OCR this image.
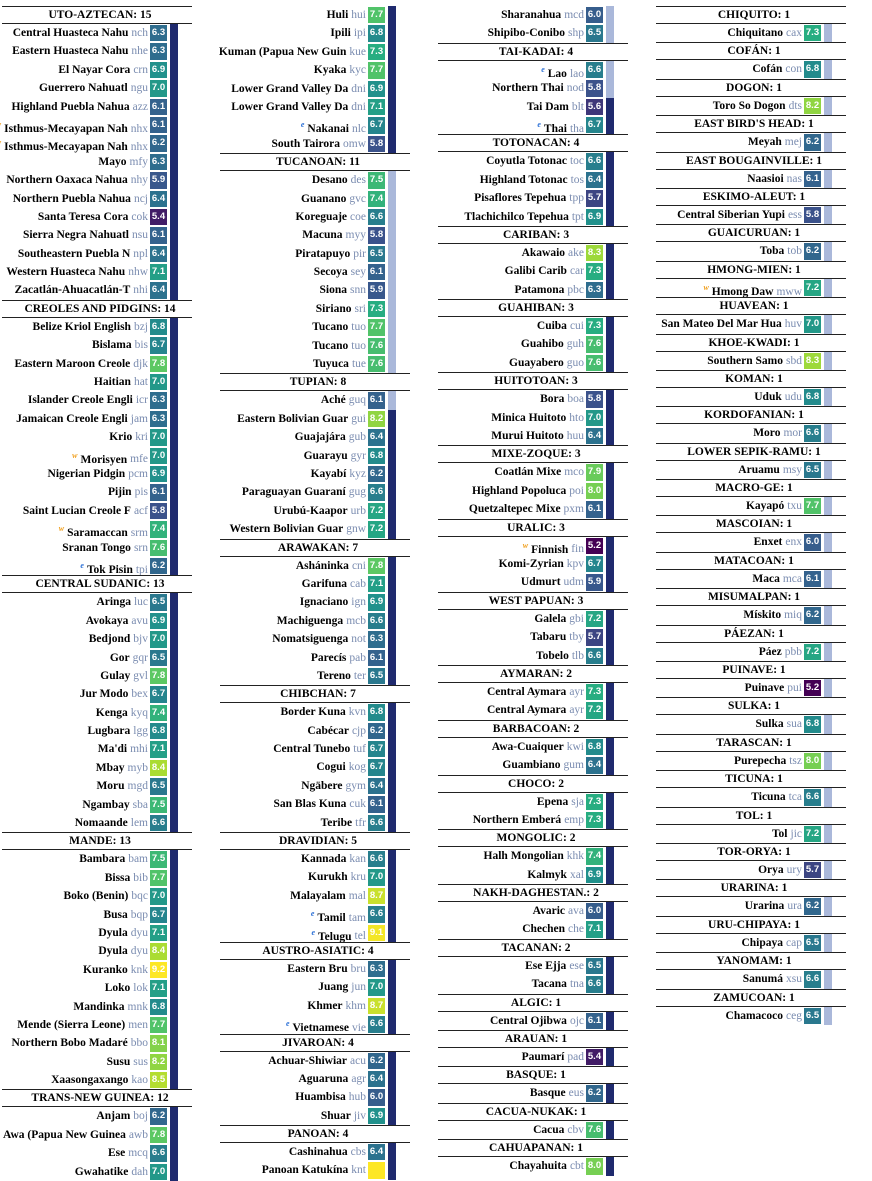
UTO-AZTECAN: 15
Central Huasteca Nahu nch 6.3
Eastern Huasteca Nahu nhe 6.3
El Nayar Cora crn 6.9
Guerrero Nahuatl ngu 7.0
Highland Puebla Nahua azz 6.1
Isthmus-Mecayapan Nah nhx 6.1
Isthmus-Mecayapan Nah nhx 6.2
Mayo mfy 6.3
Northern Oaxaca Nahua nhy 5.9
Northern Puebla Nahua ncj 6.4
Santa Teresa Cora cok 5.4
Sierra Negra Nahuatl nsu 6.1
Southeastern Puebla N npl 6.4
Western Huasteca Nahu nhw 7.1
Zacatlán-Ahuacatlán-T nhi 6.4
CREOLES AND PIDGINS: 14
Belize Kriol English bzj 6.8
Bislama bis 6.7
Eastern Maroon Creole djk 7.8
Haitian hat 7.0
Islander Creole Engli icr 6.3
Jamaican Creole Engli jam 6.3
Krio kri 7.0
$^w$ Morisyen mfe 7.0
Nigerian Pidgin pcm 6.9
Pijin pis 6.1
Saint Lucian Creole F acf 5.8
$^w$ Saramaccan srm 7.4
Sranan Tongo srn 7.6
$^e$ Tok Pisin tpi 6.2
CENTRAL SUDANIC: 13
Aringa luc 6.5
Avokaya avu 6.9
Bedjond bjv 7.0
Gor gqr 6.5
Gulay gvl 7.8
Jur Modo bex 6.7
Kenga kyq 7.4
Lugbara lgg 6.8
Ma'di mhi 7.1
Mbay myb 8.4
Moru mgd 6.5
Ngambay sba 7.5
Nomaande lem 6.6
MANDE: 13
Bambara bam 7.5
Bissa bib 7.7
Boko (Benin) bqc 7.0
Busa bqp 6.7
Dyula dyu 7.1
Dyula dyu 8.4
Kuranko knk 9.2
Loko lok 7.1
Mandinka mnk 6.8
Mende (Sierra Leone) men 7.7
Northern Bobo Madaré bbo 8.1
Susu sus 8.2
Xaasongaxango kao 8.5
TRANS-NEW GUINEA: 12
Anjam boj 6.2
Awa (Papua New Guinea awb 7.8
Ese mcq 6.6
Gwahatike dah 7.0
Huli hui 7.7
Ipili ipi 6.8
Kuman (Papua New Guin kue 7.3
Kyaka kyc 7.7
Lower Grand Valley Da dni 6.9
Lower Grand Valley Da dni 7.1
$^e$ Nakanai nlc 6.7
South Tairora omw 5.8
TUCANOAN: 11
Desano des 7.5
Guanano gvc 7.4
Koreguaje coe 6.6
Macuna myy 5.8
Piratapuyo pir 6.5
Secoya sey 6.1
Siona snn 5.9
Siriano sri 7.3
Tucano tuo 7.7
Tucano tuo 7.6
Tuyuca tue 7.6
TUPIAN: 8
Aché guq 6.1
Eastern Bolivian Guar gui 8.2
Guajajára gub 6.4
Guarayu gyr 6.8
Kayabí kyz 6.2
Paraguayan Guaraní gug 6.6
Urubú-Kaapor urb 7.2
Western Bolivian Guar gnw 7.2
ARAWAKAN: 7
Asháninka cni 7.8
Garifuna cab 7.1
Ignaciano ign 6.9
Machiguenga mcb 6.6
Nomatsiguenga not 6.3
Parecís pab 6.1
Tereno ter 6.5
CHIBCHAN: 7
Border Kuna kvn 6.8
Cabécar cjp 6.2
Central Tunebo tuf 6.7
Cogui kog 6.7
Ngäbere gym 6.4
San Blas Kuna cuk 6.1
Teribe tfr 6.6
DRAVIDIAN: 5
Kannada kan 6.6
Kurukh kru 7.0
Malayalam mal 8.7
$^e$ Tamil tam 6.6
$^e$ Telugu tel 9.1
AUSTRO-ASIATIC: 4
Eastern Bru bru 6.3
Juang jun 7.0
Khmer khm 8.7
$^e$ Vietnamese vie 6.6
JIVAROAN: 4
Achuar-Shiwiar acu 6.2
Aguaruna agr 6.4
Huambisa hub 6.0
Shuar jiv 6.9
PANOAN: 4
Cashinahua cbs 6.4
Panoan Katukína knt
Sharanahua mcd 6.0
Shipibo-Conibo shp 6.5
TAI-KADAI: 4
$^e$ Lao lao 6.6
Northern Thai nod 5.8
Tai Dam blt 5.6
$^e$ Thai tha 6.7
TOTONACAN: 4
Coyutla Totonac toc 6.6
Highland Totonac tos 6.4
Pisaflores Tepehua tpp 5.7
Tlachichilco Tepehua tpt 6.9
CARIBAN: 3
Akawaio ake 8.3
Galibi Carib car 7.3
Patamona pbc 6.3
GUAHIBAN: 3
Cuiba cui 7.3
Guahibo guh 7.6
Guayabero guo 7.6
HUITOTOAN: 3
Bora boa 5.8
Minica Huitoto hto 7.0
Murui Huitoto huu 6.4
MIXE-ZOQUE: 3
Coatlán Mixe mco 7.9
Highland Popoluca poi 8.0
Quetzaltepec Mixe pxm 6.1
URALIC: 3
$^w$ Finnish fin 5.2
Komi-Zyrian kpv 6.7
Udmurt udm 5.9
WEST PAPUAN: 3
Galela gbi 7.2
Tabaru tby 5.7
Tobelo tlb 6.6
AYMARAN: 2
Central Aymara ayr 7.3
Central Aymara ayr 7.2
BARBACOAN: 2
Awa-Cuaiquer kwi 6.8
Guambiano gum 6.4
CHOCO: 2
Epena sja 7.3
Northern Emberá emp 7.3
MONGOLIC: 2
Halh Mongolian khk 7.4
Kalmyk xal 6.9
NAKH-DAGHESTAN.: 2
Avaric ava 6.0
Chechen che 7.1
TACANAN: 2
Ese Ejja ese 6.5
Tacana tna 6.6
ALGIC: 1
Central Ojibwa ojc 6.1
ARAUAN: 1
Paumarí pad 5.4
BASQUE: 1
Basque eus 6.2
CACUA-NUKAK: 1
Cacua cbv 7.6
CAHUAPANAN: 1
Chayahuita cbt 8.0
CHIQUITO: 1
Chiquitano cax 7.3
COFÁN: 1
Cofán con 6.8
DOGON: 1
Toro So Dogon dts 8.2
EAST BIRD'S HEAD: 1
Meyah mej 6.2
EAST BOUGAINVILLE: 1
Naasioi nas 6.1
ESKIMO-ALEUT: 1
Central Siberian Yupi ess 5.8
GUAICURUAN: 1
Toba tob 6.2
HMONG-MIEN: 1
$^w$ Hmong Daw mww 7.2
HUAVEAN: 1
San Mateo Del Mar Hua huv 7.0
KHOE-KWADI: 1
Southern Samo sbd 8.3
KOMAN: 1
Uduk udu 6.8
KORDOFANIAN: 1
Moro mor 6.6
LOWER SEPIK-RAMU: 1
Aruamu msy 6.5
MACRO-GE: 1
Kayapó txu 7.7
MASCOIAN: 1
Enxet enx 6.0
MATACOAN: 1
Maca mca 6.1
MISUMALPAN: 1
Mískito miq 6.2
PÁEZAN: 1
Páez pbb 7.2
PUINAVE: 1
Puinave pui 5.2
SULKA: 1
Sulka sua 6.8
TARASCAN: 1
Purepecha tsz 8.0
TICUNA: 1
Ticuna tca 6.6
TOL: 1
Tol jic 7.2
TOR-ORYA: 1
Orya ury 5.7
URARINA: 1
Urarina ura 6.2
URU-CHIPAYA: 1
Chipaya cap 6.5
YANOMAM: 1
Sanumá xsu 6.6
ZAMUCOAN: 1
Chamacoco ceg 6.5
